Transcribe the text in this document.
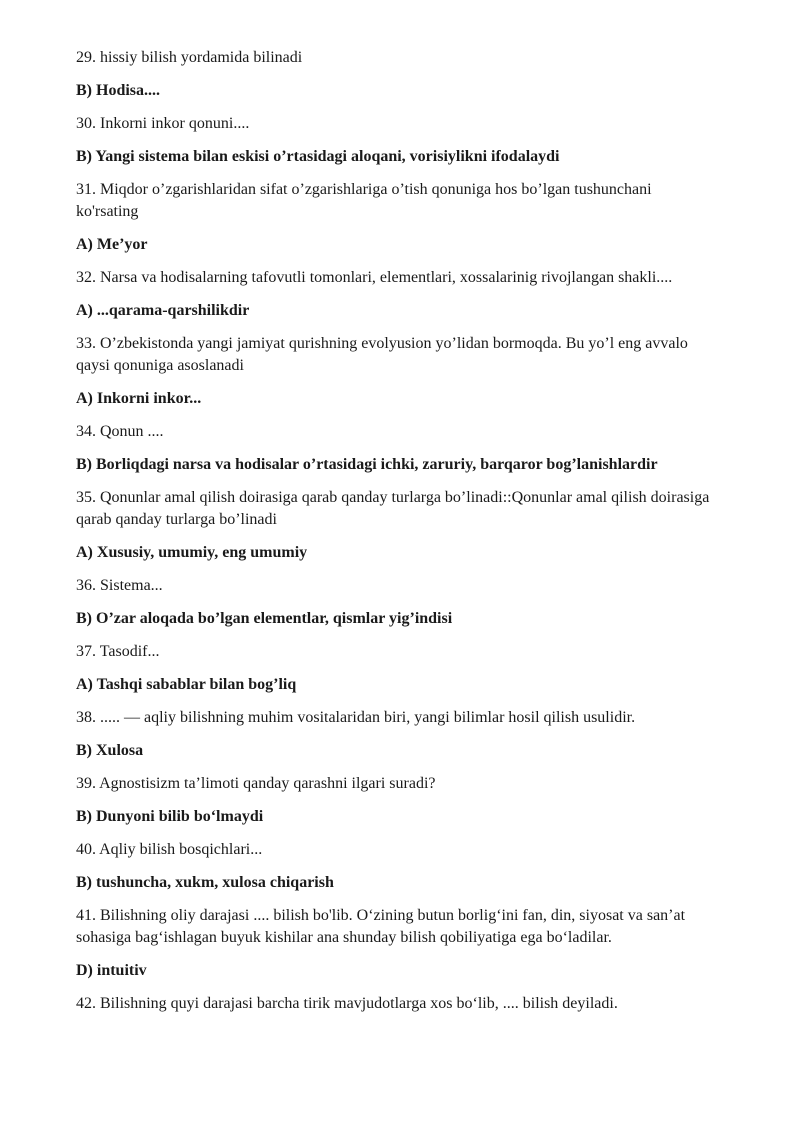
29. hissiy bilish yordamida bilinadi

B) Hodisa....

30. Inkorni inkor qonuni....

B) Yangi sistema bilan eskisi o’rtasidagi aloqani, vorisiylikni ifodalaydi

31. Miqdor o’zgarishlaridan sifat o’zgarishlariga o’tish qonuniga hos bo’lgan tushunchani ko'rsating

A) Me’yor

32. Narsa va hodisalarning tafovutli tomonlari, elementlari, xossalarinig rivojlangan shakli....

A) ...qarama-qarshilikdir

33. O’zbekistonda yangi jamiyat qurishning evolyusion yo’lidan bormoqda. Bu yo’l eng avvalo qaysi qonuniga asoslanadi

A) Inkorni inkor...

34. Qonun ....

B) Borliqdagi narsa va hodisalar o’rtasidagi ichki, zaruriy, barqaror bog’lanishlardir

35. Qonunlar amal qilish doirasiga qarab qanday turlarga bo’linadi::Qonunlar amal qilish doirasiga qarab qanday turlarga bo’linadi

A) Xususiy, umumiy, eng umumiy

36. Sistema...

B) O’zar aloqada bo’lgan elementlar, qismlar yig’indisi

37. Tasodif...

A) Tashqi sabablar bilan bog’liq

38. ..... — aqliy bilishning muhim vositalaridan biri, yangi bilimlar hosil qilish usulidir.

B) Xulosa

39. Agnostisizm ta’limoti qanday qarashni ilgari suradi?

B) Dunyoni bilib bo‘lmaydi

40. Aqliy bilish bosqichlari...

B) tushuncha, xukm, xulosa chiqarish

41. Bilishning oliy darajasi .... bilish bo'lib. O‘zining butun borlig‘ini fan, din, siyosat va san’at sohasiga bag‘ishlagan buyuk kishilar ana shunday bilish qobiliyatiga ega bo‘ladilar.

D) intuitiv

42. Bilishning quyi darajasi barcha tirik mavjudotlarga xos bo‘lib, .... bilish deyiladi.
